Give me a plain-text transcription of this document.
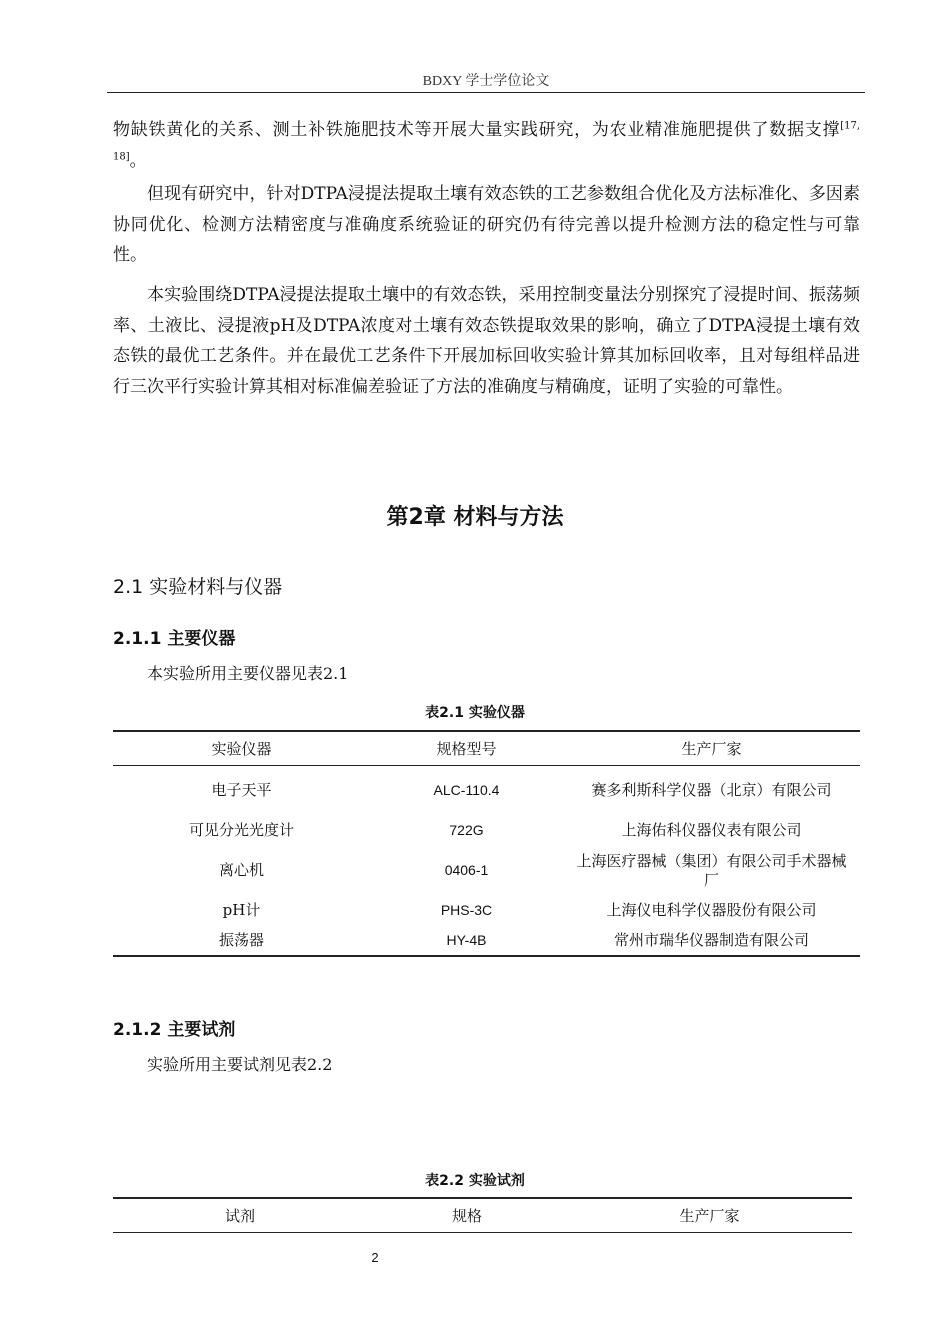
BDXY 学士学位论文

物缺铁黄化的关系、测土补铁施肥技术等开展大量实践研究，为农业精准施肥提供了数据支撑[17, 18]。

但现有研究中，针对DTPA浸提法提取土壤有效态铁的工艺参数组合优化及方法标准化、多因素协同优化、检测方法精密度与准确度系统验证的研究仍有待完善以提升检测方法的稳定性与可靠性。

本实验围绕DTPA浸提法提取土壤中的有效态铁，采用控制变量法分别探究了浸提时间、振荡频率、土液比、浸提液pH及DTPA浓度对土壤有效态铁提取效果的影响，确立了DTPA浸提土壤有效态铁的最优工艺条件。并在最优工艺条件下开展加标回收实验计算其加标回收率，且对每组样品进行三次平行实验计算其相对标准偏差验证了方法的准确度与精确度，证明了实验的可靠性。

第2章 材料与方法
2.1 实验材料与仪器
2.1.1 主要仪器
本实验所用主要仪器见表2.1
表2.1 实验仪器
实验仪器	规格型号	生产厂家
电子天平	ALC-110.4	赛多利斯科学仪器（北京）有限公司
可见分光光度计	722G	上海佑科仪器仪表有限公司
离心机	0406-1	上海医疗器械（集团）有限公司手术器械厂
pH计	PHS-3C	上海仪电科学仪器股份有限公司
振荡器	HY-4B	常州市瑞华仪器制造有限公司
2.1.2 主要试剂
实验所用主要试剂见表2.2
表2.2 实验试剂
试剂	规格	生产厂家
2
